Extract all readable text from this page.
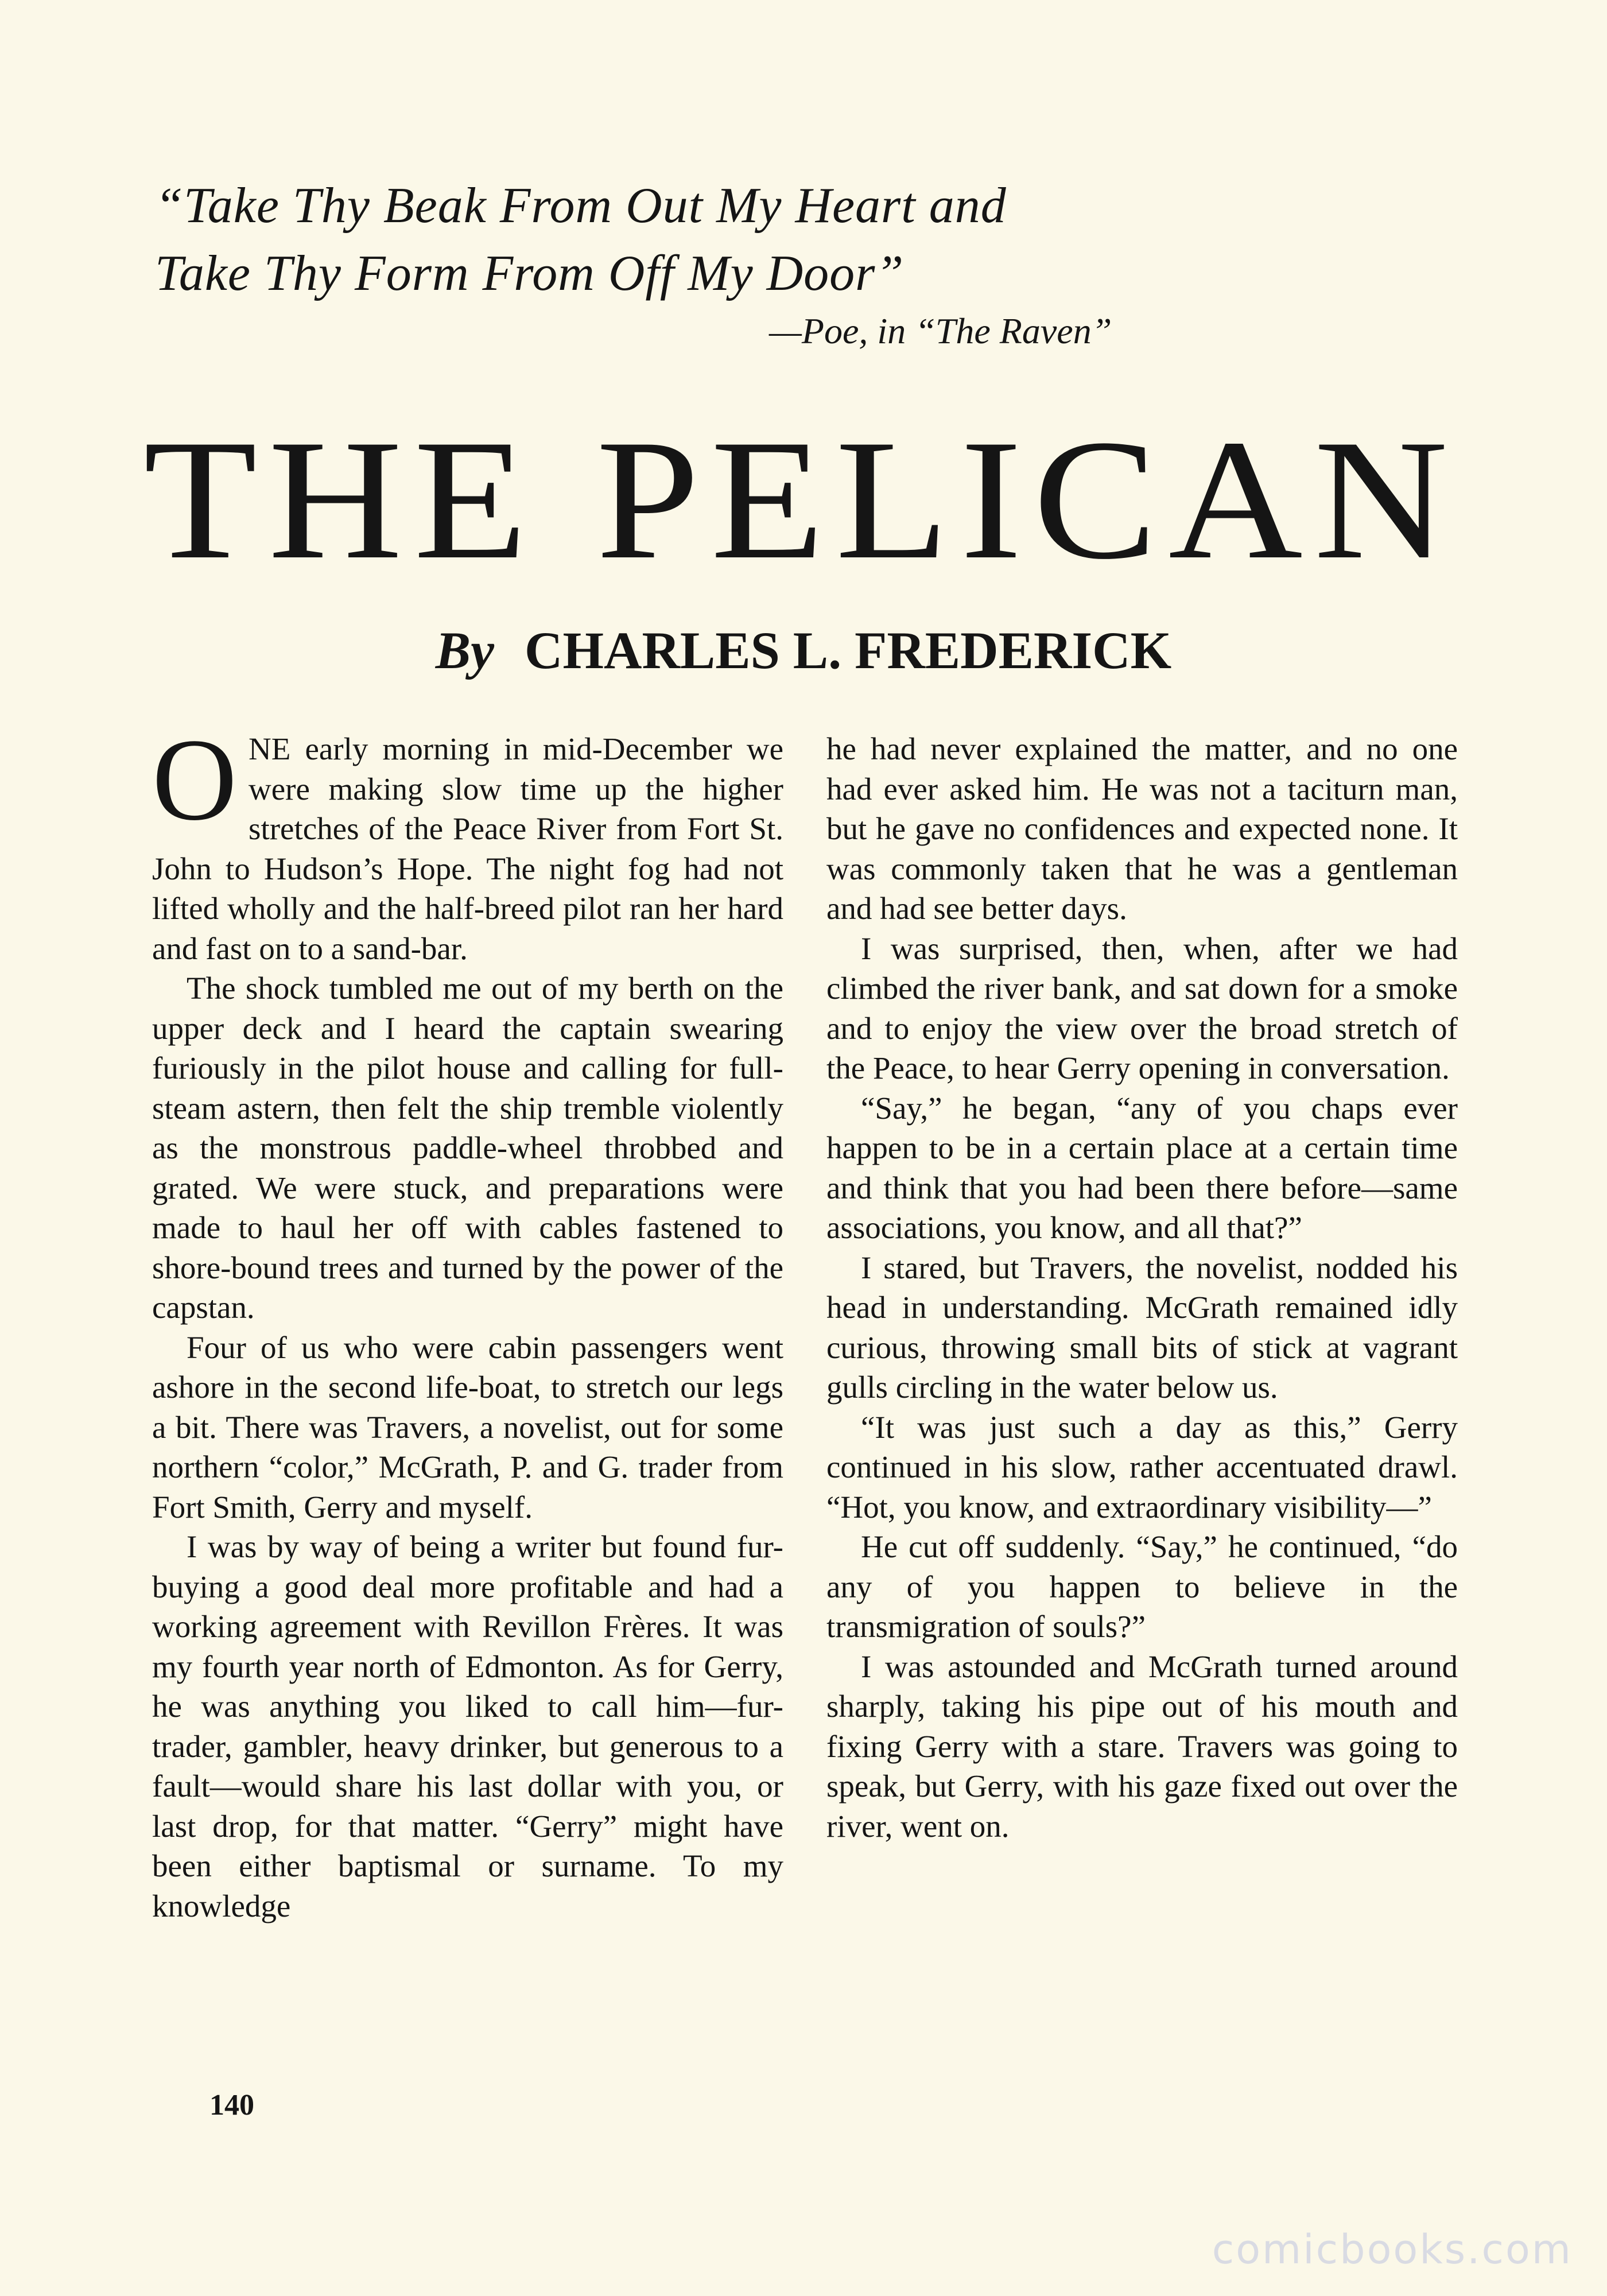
“Take Thy Beak From Out My Heart and
Take Thy Form From Off My Door”
—Poe, in “The Raven”
THE PELICAN
By CHARLES L. FREDERICK

ONE early morning in mid-December we were making slow time up the higher stretches of the Peace River from Fort St. John to Hudson’s Hope. The night fog had not lifted wholly and the half-breed pilot ran her hard and fast on to a sand-bar.

The shock tumbled me out of my berth on the upper deck and I heard the captain swearing furiously in the pilot house and calling for full-steam astern, then felt the ship tremble violently as the monstrous paddle-wheel throbbed and grated. We were stuck, and preparations were made to haul her off with cables fastened to shore-bound trees and turned by the power of the capstan.

Four of us who were cabin passengers went ashore in the second life-boat, to stretch our legs a bit. There was Travers, a novelist, out for some northern “color,” McGrath, P. and G. trader from Fort Smith, Gerry and myself.

I was by way of being a writer but found fur-buying a good deal more profitable and had a working agreement with Revillon Frères. It was my fourth year north of Edmonton. As for Gerry, he was anything you liked to call him—fur-trader, gambler, heavy drinker, but generous to a fault—would share his last dollar with you, or last drop, for that matter. “Gerry” might have been either baptismal or surname. To my knowledge

he had never explained the matter, and no one had ever asked him. He was not a taciturn man, but he gave no confidences and expected none. It was commonly taken that he was a gentleman and had see better days.

I was surprised, then, when, after we had climbed the river bank, and sat down for a smoke and to enjoy the view over the broad stretch of the Peace, to hear Gerry opening in conversation.

“Say,” he began, “any of you chaps ever happen to be in a certain place at a certain time and think that you had been there before—same associations, you know, and all that?”

I stared, but Travers, the novelist, nodded his head in understanding. McGrath remained idly curious, throwing small bits of stick at vagrant gulls circling in the water below us.

“It was just such a day as this,” Gerry continued in his slow, rather accentuated drawl. “Hot, you know, and extraordinary visibility—”

He cut off suddenly. “Say,” he continued, “do any of you happen to believe in the transmigration of souls?”

I was astounded and McGrath turned around sharply, taking his pipe out of his mouth and fixing Gerry with a stare. Travers was going to speak, but Gerry, with his gaze fixed out over the river, went on.

140
comicbooks.com
